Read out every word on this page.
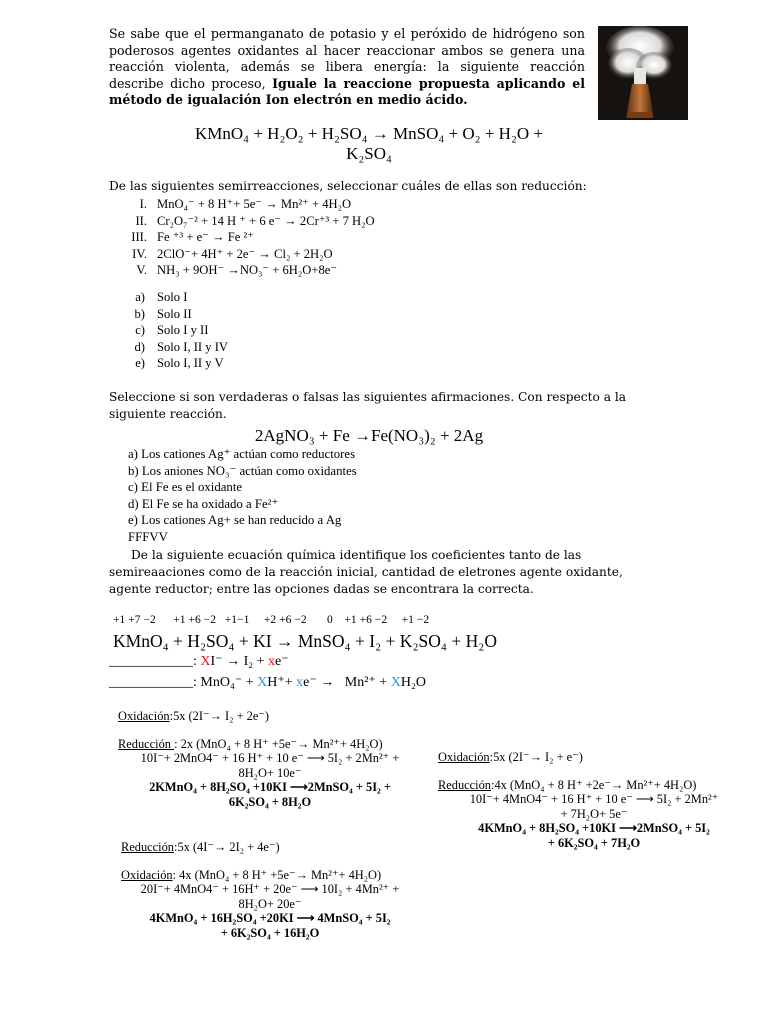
Se sabe que el permanganato de potasio y el peróxido de hidrógeno son poderosos agentes oxidantes al hacer reaccionar ambos se genera una reacción violenta, además se libera energía: la siguiente reacción describe dicho proceso, Iguale la reaccione propuesta aplicando el método de igualación Ion electrón en medio ácido.
KMnO₄ + H₂O₂ + H₂SO₄ → MnSO₄ + O₂ + H₂O +
K₂SO₄
De las siguientes semirreacciones, seleccionar cuáles de ellas son reducción:
I. MnO₄⁻ + 8 H⁺+ 5e⁻ → Mn²⁺ + 4H₂O
II. Cr₂O₇⁻² + 14 H ⁺ + 6 e⁻ → 2Cr⁺³ + 7 H₂O
III. Fe ⁺³ + e⁻ → Fe ²⁺
IV. 2ClO⁻+ 4H⁺ + 2e⁻ → Cl₂ + 2H₂O
V. NH₃ + 9OH⁻ →NO₃⁻ + 6H₂O+8e⁻
a) Solo I
b) Solo II
c) Solo I y II
d) Solo I, II y IV
e) Solo I, II y V
Seleccione si son verdaderas o falsas las siguientes afirmaciones. Con respecto a la siguiente reacción.
2AgNO₃ + Fe →Fe(NO₃)₂ + 2Ag
a) Los cationes Ag⁺ actúan como reductores
b) Los aniones NO₃⁻ actúan como oxidantes
c) El Fe es el oxidante
d) El Fe se ha oxidado a Fe²⁺
e) Los cationes Ag+ se han reducido a Ag
FFFVV
De la siguiente ecuación química identifique los coeficientes tanto de las semireaaciones como de la reacción inicial, cantidad de eletrones agente oxidante, agente reductor; entre las opciones dadas se encontrara la correcta.
+1 +7 −2      +1 +6 −2   +1−1     +2 +6 −2       0    +1 +6 −2     +1 −2
KMnO₄ + H₂SO₄ + KI → MnSO₄ + I₂ + K₂SO₄ + H₂O
____________: XI⁻ → I₂ + xe⁻
____________: MnO₄⁻ + XH⁺+ xe⁻ →   Mn²⁺ + XH₂O
Oxidación:5x (2I⁻→ I₂ + 2e⁻)
Reducción : 2x (MnO₄ + 8 H⁺ +5e⁻→ Mn²⁺+ 4H₂O)
10I⁻+ 2MnO4⁻ + 16 H⁺ + 10 e⁻ ⟶ 5I₂ + 2Mn²⁺ +
8H₂O+ 10e⁻
2KMnO₄ + 8H₂SO₄ +10KI ⟶2MnSO₄ + 5I₂ +
6K₂SO₄ + 8H₂O
Oxidación:5x (2I⁻→ I₂ + e⁻)
Reducción:4x (MnO₄ + 8 H⁺ +2e⁻→ Mn²⁺+ 4H₂O)
10I⁻+ 4MnO4⁻ + 16 H⁺ + 10 e⁻ ⟶ 5I₂ + 2Mn²⁺
+ 7H₂O+ 5e⁻
4KMnO₄ + 8H₂SO₄ +10KI ⟶2MnSO₄ + 5I₂
+ 6K₂SO₄ + 7H₂O
Reducción:5x (4I⁻→ 2I₂ + 4e⁻)
Oxidación: 4x (MnO₄ + 8 H⁺ +5e⁻→ Mn²⁺+ 4H₂O)
20I⁻+ 4MnO4⁻ + 16H⁺ + 20e⁻ ⟶ 10I₂ + 4Mn²⁺ +
8H₂O+ 20e⁻
4KMnO₄ + 16H₂SO₄ +20KI ⟶ 4MnSO₄ + 5I₂
+ 6K₂SO₄ + 16H₂O
